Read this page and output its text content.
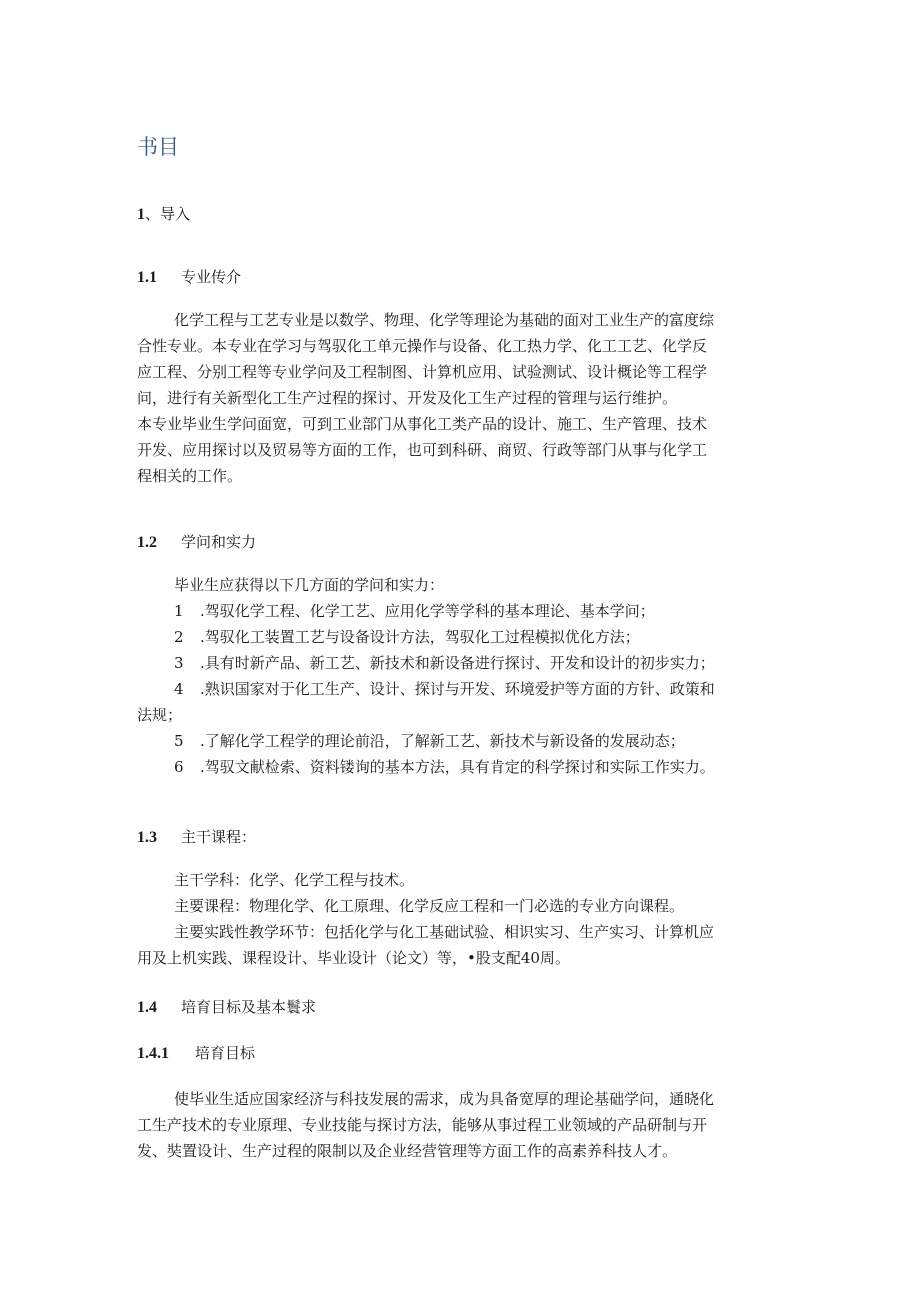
书目
1、导入
1.1 专业传介
化学工程与工艺专业是以数学、物理、化学等理论为基础的面对工业生产的富度综
合性专业。本专业在学习与驾驭化工单元操作与设备、化工热力学、化工工艺、化学反
应工程、分别工程等专业学问及工程制图、计算机应用、试验测试、设计概论等工程学
问，进行有关新型化工生产过程的探讨、开发及化工生产过程的管理与运行维护。
本专业毕业生学问面宽，可到工业部门从事化工类产品的设计、施工、生产管理、技术
开发、应用探讨以及贸易等方面的工作，也可到科研、商贸、行政等部门从事与化学工
程相关的工作。
1.2 学问和实力
毕业生应获得以下几方面的学问和实力：
1 .驾驭化学工程、化学工艺、应用化学等学科的基本理论、基本学问；
2 .驾驭化工装置工艺与设备设计方法，驾驭化工过程模拟优化方法；
3 .具有时新产品、新工艺、新技术和新设备进行探讨、开发和设计的初步实力；
4 .熟识国家对于化工生产、设计、探讨与开发、环境爱护等方面的方针、政策和
法规；
5 .了解化学工程学的理论前沿，了解新工艺、新技术与新设备的发展动态；
6 .驾驭文献检索、资料镂询的基本方法，具有肯定的科学探讨和实际工作实力。
1.3 主干课程：
主干学科：化学、化学工程与技术。
主要课程：物理化学、化工原理、化学反应工程和一门必选的专业方向课程。
主要实践性教学环节：包括化学与化工基础试验、相识实习、生产实习、计算机应
用及上机实践、课程设计、毕业设计（论文）等，•股支配40周。
1.4 培育目标及基本鬟求
1.4.1 培育目标
使毕业生适应国家经济与科技发展的需求，成为具备宽厚的理论基础学问，通晓化
工生产技术的专业原理、专业技能与探讨方法，能够从事过程工业领域的产品研制与开
发、奘置设计、生产过程的限制以及企业经营管理等方面工作的高素养科技人才。
